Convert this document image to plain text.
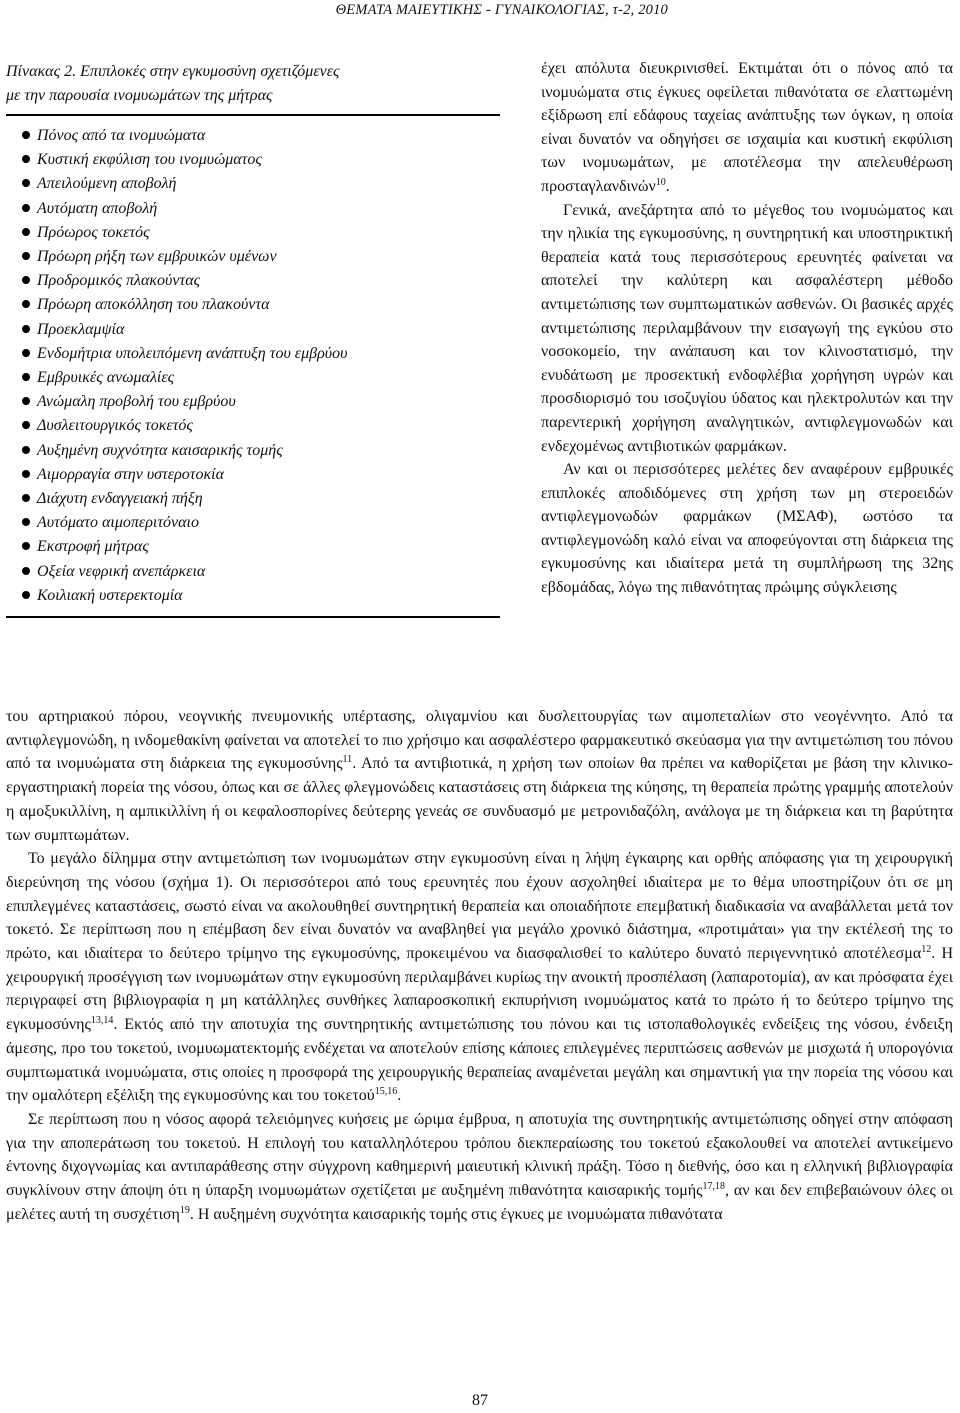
ΘΕΜΑΤΑ ΜΑΙΕΥΤΙΚΗΣ - ΓΥΝΑΙΚΟΛΟΓΙΑΣ, τ-2, 2010

Πίνακας 2. Επιπλοκές στην εγκυμοσύνη σχετιζόμενες
με την παρουσία ινομυωμάτων της μήτρας

Πόνος από τα ινομυώματα
Κυστική εκφύλιση του ινομυώματος
Απειλούμενη αποβολή
Αυτόματη αποβολή
Πρόωρος τοκετός
Πρόωρη ρήξη των εμβρυικών υμένων
Προδρομικός πλακούντας
Πρόωρη αποκόλληση του πλακούντα
Προεκλαμψία
Ενδομήτρια υπολειπόμενη ανάπτυξη του εμβρύου
Εμβρυικές ανωμαλίες
Ανώμαλη προβολή του εμβρύου
Δυσλειτουργικός τοκετός
Αυξημένη συχνότητα καισαρικής τομής
Αιμορραγία στην υστεροτοκία
Διάχυτη ενδαγγειακή πήξη
Αυτόματο αιμοπεριτόναιο
Εκστροφή μήτρας
Οξεία νεφρική ανεπάρκεια
Κοιλιακή υστερεκτομία

έχει απόλυτα διευκρινισθεί. Εκτιμάται ότι ο πόνος από τα ινομυώματα στις έγκυες οφείλεται πιθανότατα σε ελαττωμένη εξίδρωση επί εδάφους ταχείας ανάπτυξης των όγκων, η οποία είναι δυνατόν να οδηγήσει σε ισχαιμία και κυστική εκφύλιση των ινομυωμάτων, με αποτέλεσμα την απελευθέρωση προσταγλανδινών$^{10}$.

Γενικά, ανεξάρτητα από το μέγεθος του ινομυώματος και την ηλικία της εγκυμοσύνης, η συντηρητική και υποστηρικτική θεραπεία κατά τους περισσότερους ερευνητές φαίνεται να αποτελεί την καλύτερη και ασφαλέστερη μέθοδο αντιμετώπισης των συμπτωματικών ασθενών. Οι βασικές αρχές αντιμετώπισης περιλαμβάνουν την εισαγωγή της εγκύου στο νοσοκομείο, την ανάπαυση και τον κλινοστατισμό, την ενυδάτωση με προσεκτική ενδοφλέβια χορήγηση υγρών και προσδιορισμό του ισοζυγίου ύδατος και ηλεκτρολυτών και την παρεντερική χορήγηση αναλγητικών, αντιφλεγμονωδών και ενδεχομένως αντιβιοτικών φαρμάκων.

Αν και οι περισσότερες μελέτες δεν αναφέρουν εμβρυικές επιπλοκές αποδιδόμενες στη χρήση των μη στεροειδών αντιφλεγμονωδών φαρμάκων (ΜΣΑΦ), ωστόσο τα αντιφλεγμονώδη καλό είναι να αποφεύγονται στη διάρκεια της εγκυμοσύνης και ιδιαίτερα μετά τη συμπλήρωση της 32ης εβδομάδας, λόγω της πιθανότητας πρώιμης σύγκλεισης

του αρτηριακού πόρου, νεογνικής πνευμονικής υπέρτασης, ολιγαμνίου και δυσλειτουργίας των αιμοπεταλίων στο νεογέννητο. Από τα αντιφλεγμονώδη, η ινδομεθακίνη φαίνεται να αποτελεί το πιο χρήσιμο και ασφαλέστερο φαρμακευτικό σκεύασμα για την αντιμετώπιση του πόνου από τα ινομυώματα στη διάρκεια της εγκυμοσύνης$^{11}$. Από τα αντιβιοτικά, η χρήση των οποίων θα πρέπει να καθορίζεται με βάση την κλινικο-εργαστηριακή πορεία της νόσου, όπως και σε άλλες φλεγμονώδεις καταστάσεις στη διάρκεια της κύησης, τη θεραπεία πρώτης γραμμής αποτελούν η αμοξυκιλλίνη, η αμπικιλλίνη ή οι κεφαλοσπορίνες δεύτερης γενεάς σε συνδυασμό με μετρονιδαζόλη, ανάλογα με τη διάρκεια και τη βαρύτητα των συμπτωμάτων.

Το μεγάλο δίλημμα στην αντιμετώπιση των ινομυωμάτων στην εγκυμοσύνη είναι η λήψη έγκαιρης και ορθής απόφασης για τη χειρουργική διερεύνηση της νόσου (σχήμα 1). Οι περισσότεροι από τους ερευνητές που έχουν ασχοληθεί ιδιαίτερα με το θέμα υποστηρίζουν ότι σε μη επιπλεγμένες καταστάσεις, σωστό είναι να ακολουθηθεί συντηρητική θεραπεία και οποιαδήποτε επεμβατική διαδικασία να αναβάλλεται μετά τον τοκετό. Σε περίπτωση που η επέμβαση δεν είναι δυνατόν να αναβληθεί για μεγάλο χρονικό διάστημα, «προτιμάται» για την εκτέλεσή της το πρώτο, και ιδιαίτερα το δεύτερο τρίμηνο της εγκυμοσύνης, προκειμένου να διασφαλισθεί το καλύτερο δυνατό περιγεννητικό αποτέλεσμα$^{12}$. Η χειρουργική προσέγγιση των ινομυωμάτων στην εγκυμοσύνη περιλαμβάνει κυρίως την ανοικτή προσπέλαση (λαπαροτομία), αν και πρόσφατα έχει περιγραφεί στη βιβλιογραφία η μη κατάλληλες συνθήκες λαπαροσκοπική εκπυρήνιση ινομυώματος κατά το πρώτο ή το δεύτερο τρίμηνο της εγκυμοσύνης$^{13,14}$. Εκτός από την αποτυχία της συντηρητικής αντιμετώπισης του πόνου και τις ιστοπαθολογικές ενδείξεις της νόσου, ένδειξη άμεσης, προ του τοκετού, ινομυωματεκτομής ενδέχεται να αποτελούν επίσης κάποιες επιλεγμένες περιπτώσεις ασθενών με μισχωτά ή υπορογόνια συμπτωματικά ινομυώματα, στις οποίες η προσφορά της χειρουργικής θεραπείας αναμένεται μεγάλη και σημαντική για την πορεία της νόσου και την ομαλότερη εξέλιξη της εγκυμοσύνης και του τοκετού$^{15,16}$.

Σε περίπτωση που η νόσος αφορά τελειόμηνες κυήσεις με ώριμα έμβρυα, η αποτυχία της συντηρητικής αντιμετώπισης οδηγεί στην απόφαση για την αποπεράτωση του τοκετού. Η επιλογή του καταλληλότερου τρόπου διεκπεραίωσης του τοκετού εξακολουθεί να αποτελεί αντικείμενο έντονης διχογνωμίας και αντιπαράθεσης στην σύγχρονη καθημερινή μαιευτική κλινική πράξη. Τόσο η διεθνής, όσο και η ελληνική βιβλιογραφία συγκλίνουν στην άποψη ότι η ύπαρξη ινομυωμάτων σχετίζεται με αυξημένη πιθανότητα καισαρικής τομής$^{17,18}$, αν και δεν επιβεβαιώνουν όλες οι μελέτες αυτή τη συσχέτιση$^{19}$. Η αυξημένη συχνότητα καισαρικής τομής στις έγκυες με ινομυώματα πιθανότατα

87
